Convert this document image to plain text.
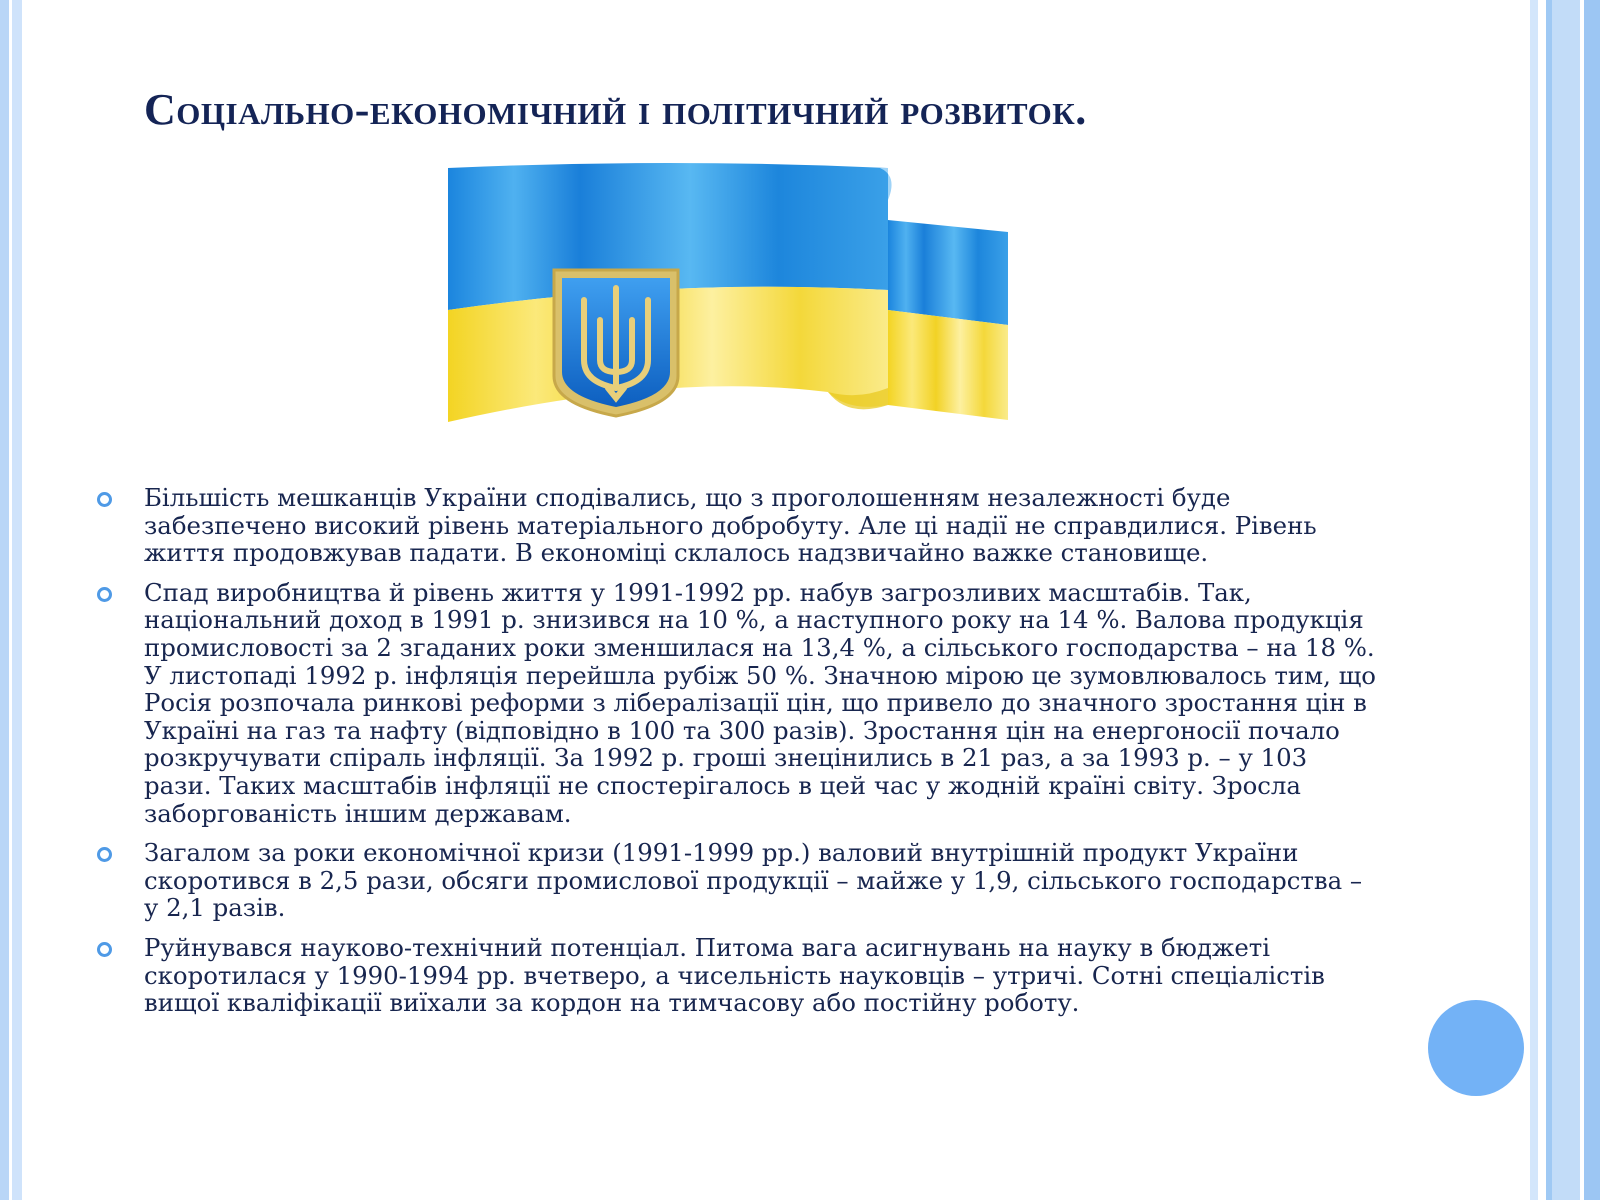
Соціально-економічний і політичний розвиток.
Більшість мешканців України сподівались, що з проголошенням незалежності буде забезпечено високий рівень матеріального добробуту. Але ці надії не справдилися. Рівень життя продовжував падати. В економіці склалось надзвичайно важке становище.
Спад виробництва й рівень життя у 1991-1992 рр. набув загрозливих масштабів. Так, національний доход в 1991 р. знизився на 10 %, а наступного року на 14 %. Валова продукція промисловості за 2 згаданих роки зменшилася на 13,4 %, а сільського господарства – на 18 %. У листопаді 1992 р. інфляція перейшла рубіж 50 %. Значною мірою це зумовлювалось тим, що Росія розпочала ринкові реформи з лібералізації цін, що привело до значного зростання цін в Україні на газ та нафту (відповідно в 100 та 300 разів). Зростання цін на енергоносії почало розкручувати спіраль інфляції. За 1992 р. гроші знецінились в 21 раз, а за 1993 р. – у 103 рази. Таких масштабів інфляції не спостерігалось в цей час у жодній країні світу. Зросла заборгованість іншим державам.
Загалом за роки економічної кризи (1991-1999 рр.) валовий внутрішній продукт України скоротився в 2,5 рази, обсяги промислової продукції – майже у 1,9, сільського господарства – у 2,1 разів.
Руйнувався науково-технічний потенціал. Питома вага асигнувань на науку в бюджеті скоротилася у 1990-1994 рр. вчетверо, а чисельність науковців – утричі. Сотні спеціалістів вищої кваліфікації виїхали за кордон на тимчасову або постійну роботу.
